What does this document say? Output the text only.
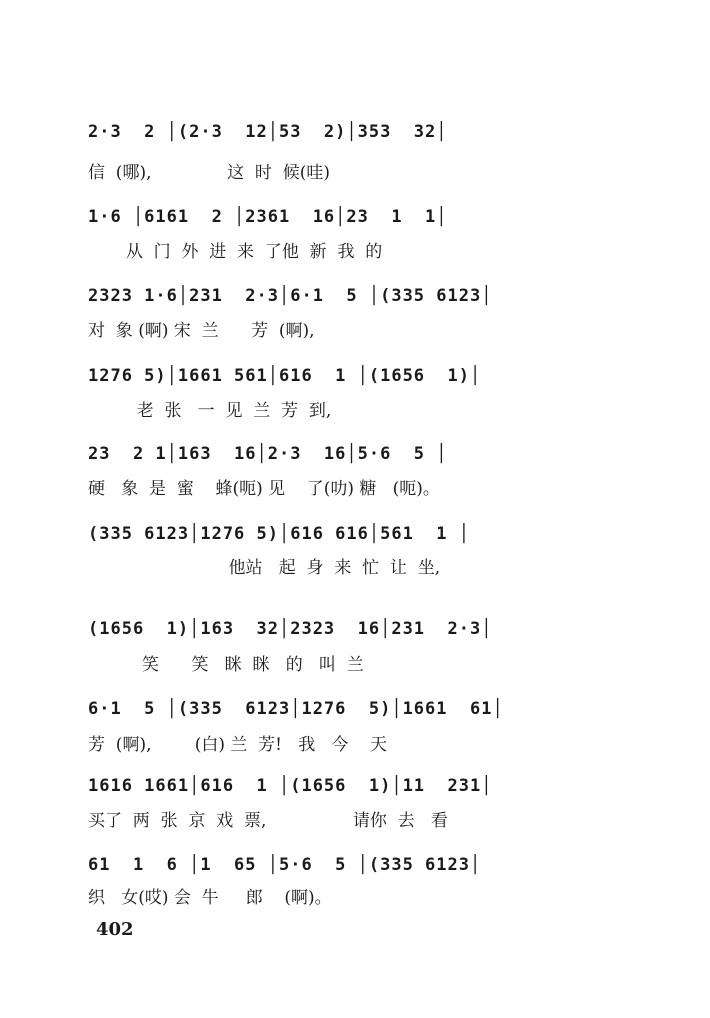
2·3  2 │(2·3  12│53  2)│353  32│
信  (哪),              这  时  候(哇)
1·6 │6161  2 │2361  16│23  1  1│
从  门  外  进  来  了他  新  我  的
2323 1·6│231  2·3│6·1  5 │(335 6123│
对  象 (啊) 宋  兰      芳  (啊),
1276 5)│1661 561│616  1 │(1656  1)│
老  张   一  见  兰  芳  到,
23  2 1│163  16│2·3  16│5·6  5 │
硬   象  是  蜜    蜂(呃) 见    了(叻) 糖   (呃)。
(335 6123│1276 5)│616 616│561  1 │
他站   起  身  来  忙  让  坐,
(1656  1)│163  32│2323  16│231  2·3│
笑      笑   眯  眯   的   叫  兰
6·1  5 │(335  6123│1276  5)│1661  61│
芳  (啊),        (白) 兰  芳!   我   今    天
1616 1661│616  1 │(1656  1)│11  231│
买了  两  张  京  戏  票,                请你  去   看
61  1  6 │1  65 │5·6  5 │(335 6123│
织   女(哎) 会  牛     郎    (啊)。
402
